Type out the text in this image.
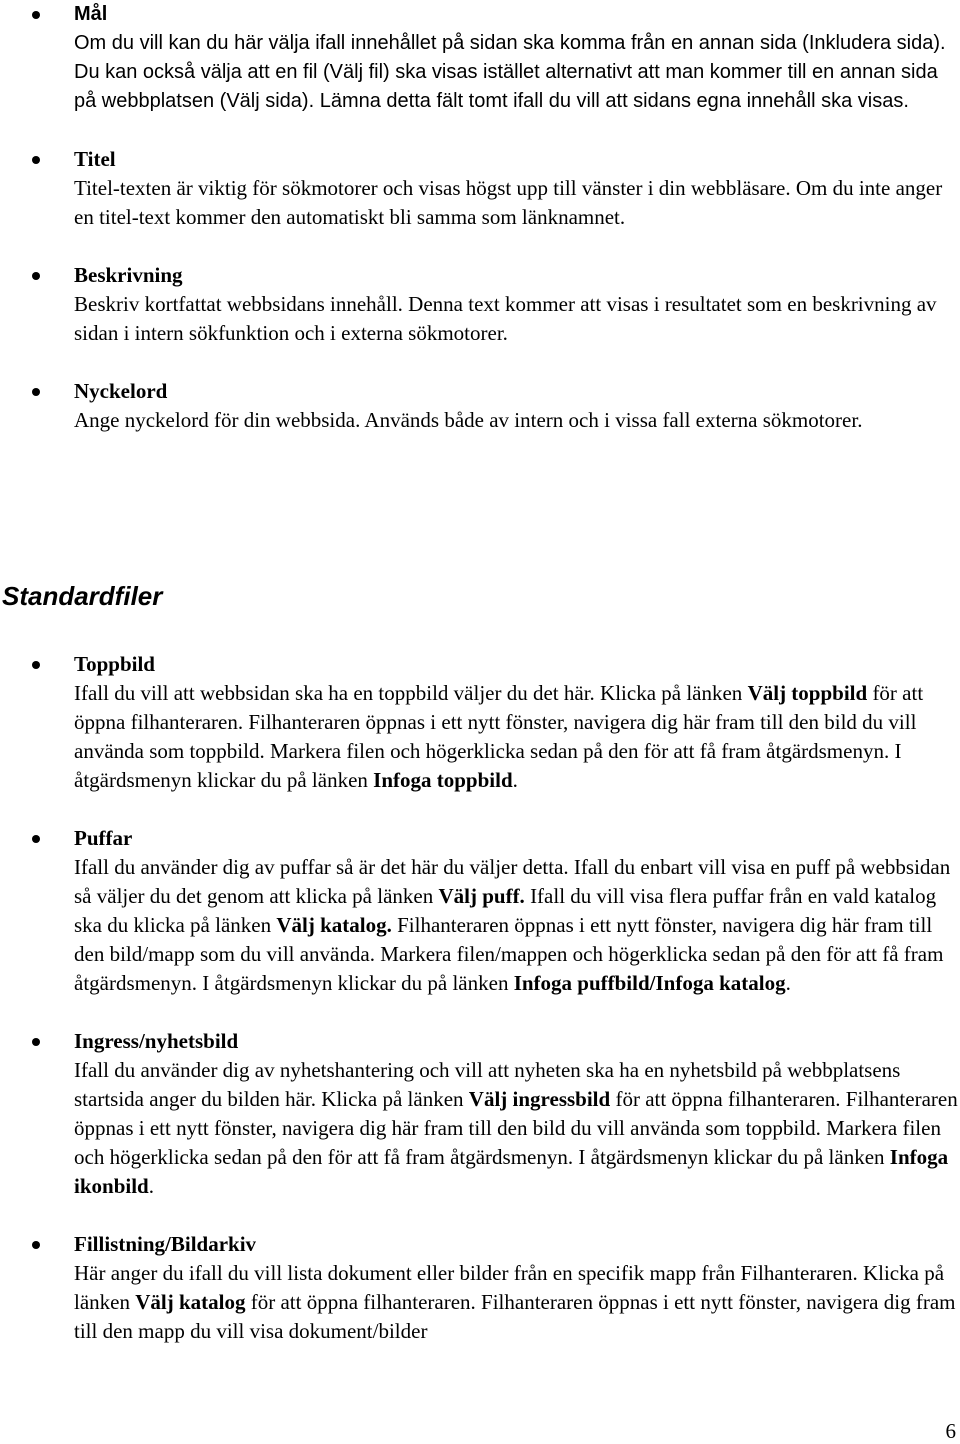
Mål
Om du vill kan du här välja ifall innehållet på sidan ska komma från en annan sida (Inkludera sida). Du kan också välja att en fil (Välj fil) ska visas istället alternativt att man kommer till en annan sida på webbplatsen (Välj sida). Lämna detta fält tomt ifall du vill att sidans egna innehåll ska visas.
Titel
Titel-texten är viktig för sökmotorer och visas högst upp till vänster i din webbläsare. Om du inte anger en titel-text kommer den automatiskt bli samma som länknamnet.
Beskrivning
Beskriv kortfattat webbsidans innehåll. Denna text kommer att visas i resultatet som en beskrivning av sidan i intern sökfunktion och i externa sökmotorer.
Nyckelord
Ange nyckelord för din webbsida. Används både av intern och i vissa fall externa sökmotorer.
Standardfiler
Toppbild
Ifall du vill att webbsidan ska ha en toppbild väljer du det här. Klicka på länken Välj toppbild för att öppna filhanteraren. Filhanteraren öppnas i ett nytt fönster, navigera dig här fram till den bild du vill använda som toppbild. Markera filen och högerklicka sedan på den för att få fram åtgärdsmenyn. I åtgärdsmenyn klickar du på länken Infoga toppbild.
Puffar
Ifall du använder dig av puffar så är det här du väljer detta. Ifall du enbart vill visa en puff på webbsidan så väljer du det genom att klicka på länken Välj puff. Ifall du vill visa flera puffar från en vald katalog ska du klicka på länken Välj katalog. Filhanteraren öppnas i ett nytt fönster, navigera dig här fram till den bild/mapp som du vill använda. Markera filen/mappen och högerklicka sedan på den för att få fram åtgärdsmenyn. I åtgärdsmenyn klickar du på länken Infoga puffbild/Infoga katalog.
Ingress/nyhetsbild
Ifall du använder dig av nyhetshantering och vill att nyheten ska ha en nyhetsbild på webbplatsens startsida anger du bilden här. Klicka på länken Välj ingressbild för att öppna filhanteraren. Filhanteraren öppnas i ett nytt fönster, navigera dig här fram till den bild du vill använda som toppbild. Markera filen och högerklicka sedan på den för att få fram åtgärdsmenyn. I åtgärdsmenyn klickar du på länken Infoga ikonbild.
Fillistning/Bildarkiv
Här anger du ifall du vill lista dokument eller bilder från en specifik mapp från Filhanteraren. Klicka på länken Välj katalog för att öppna filhanteraren. Filhanteraren öppnas i ett nytt fönster, navigera dig fram till den mapp du vill visa dokument/bilder
6
